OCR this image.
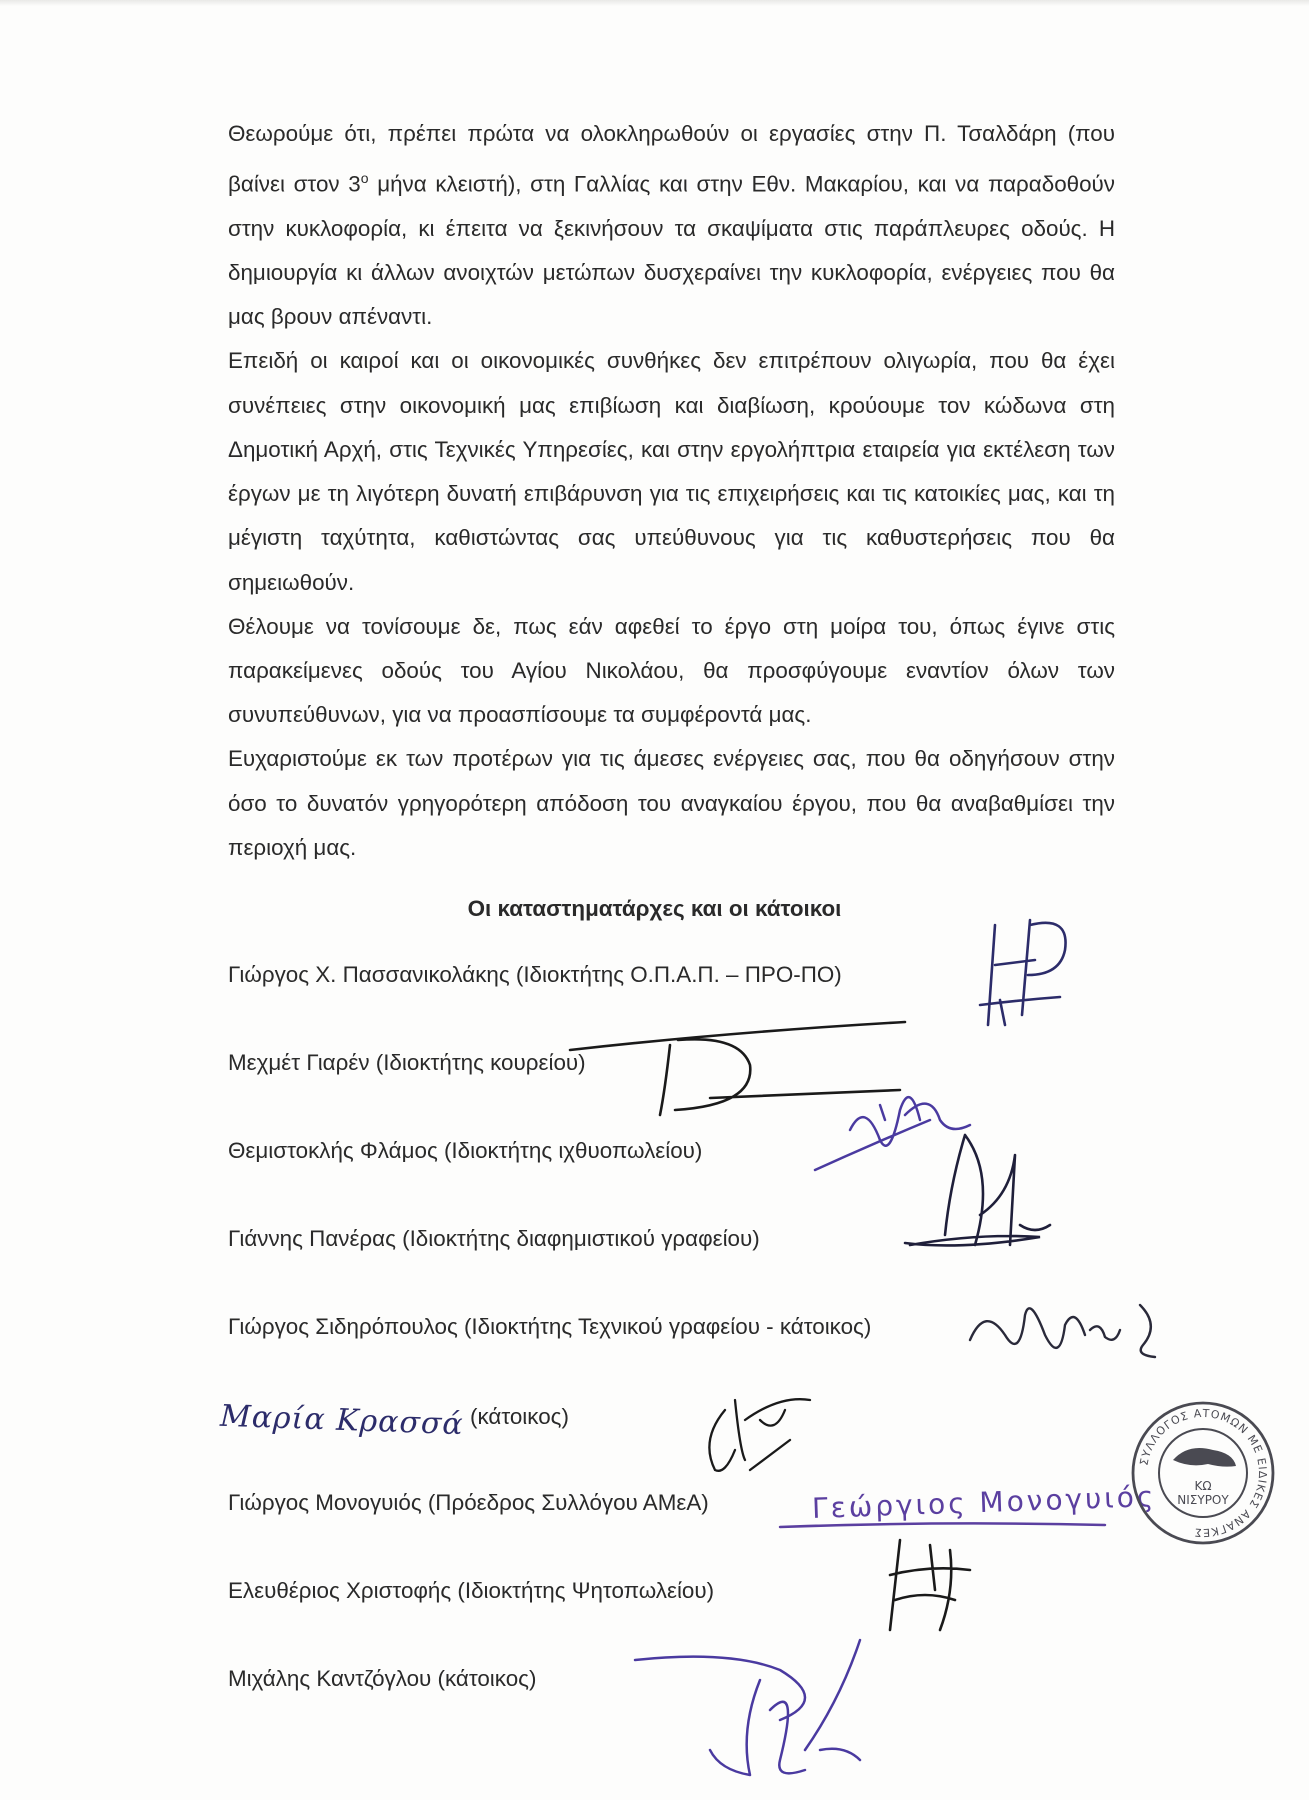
Θεωρούμε ότι, πρέπει πρώτα να ολοκληρωθούν οι εργασίες στην Π. Τσαλδάρη (που βαίνει στον $3^o$ μήνα κλειστή), στη Γαλλίας και στην Εθν. Μακαρίου, και να παραδοθούν στην κυκλοφορία, κι έπειτα να ξεκινήσουν τα σκαψίματα στις παράπλευρες οδούς. Η δημιουργία κι άλλων ανοιχτών μετώπων δυσχεραίνει την κυκλοφορία, ενέργειες που θα μας βρουν απέναντι.

Επειδή οι καιροί και οι οικονομικές συνθήκες δεν επιτρέπουν ολιγωρία, που θα έχει συνέπειες στην οικονομική μας επιβίωση και διαβίωση, κρούουμε τον κώδωνα στη Δημοτική Αρχή, στις Τεχνικές Υπηρεσίες, και στην εργολήπτρια εταιρεία για εκτέλεση των έργων με τη λιγότερη δυνατή επιβάρυνση για τις επιχειρήσεις και τις κατοικίες μας, και τη μέγιστη ταχύτητα, καθιστώντας σας υπεύθυνους για τις καθυστερήσεις που θα σημειωθούν.

Θέλουμε να τονίσουμε δε, πως εάν αφεθεί το έργο στη μοίρα του, όπως έγινε στις παρακείμενες οδούς του Αγίου Νικολάου, θα προσφύγουμε εναντίον όλων των συνυπεύθυνων, για να προασπίσουμε τα συμφέροντά μας.

Ευχαριστούμε εκ των προτέρων για τις άμεσες ενέργειες σας, που θα οδηγήσουν στην όσο το δυνατόν γρηγορότερη απόδοση του αναγκαίου έργου, που θα αναβαθμίσει την περιοχή μας.

Οι καταστηματάρχες και οι κάτοικοι
Γιώργος Χ. Πασσανικολάκης (Ιδιοκτήτης Ο.Π.Α.Π. – ΠΡΟ-ΠΟ)
Μεχμέτ Γιαρέν (Ιδιοκτήτης κουρείου)
Θεμιστοκλής Φλάμος (Ιδιοκτήτης ιχθυοπωλείου)
Γιάννης Πανέρας (Ιδιοκτήτης διαφημιστικού γραφείου)
Γιώργος Σιδηρόπουλος (Ιδιοκτήτης Τεχνικού γραφείου - κάτοικος)
Μαρία Κρασσά (κάτοικος)
Γιώργος Μονογυιός (Πρόεδρος Συλλόγου ΑΜεΑ)	Γεώργιος Μονογυιός
Ελευθέριος Χριστοφής (Ιδιοκτήτης Ψητοπωλείου)
Μιχάλης Καντζόγλου (κάτοικος)
ΣΥΛΛΟΓΟΣ ΑΤΟΜΩΝ ΜΕ ΕΙΔΙΚΕΣ ΑΝΑΓΚΕΣ
ΚΩ
ΝΙΣΥΡΟΥ
